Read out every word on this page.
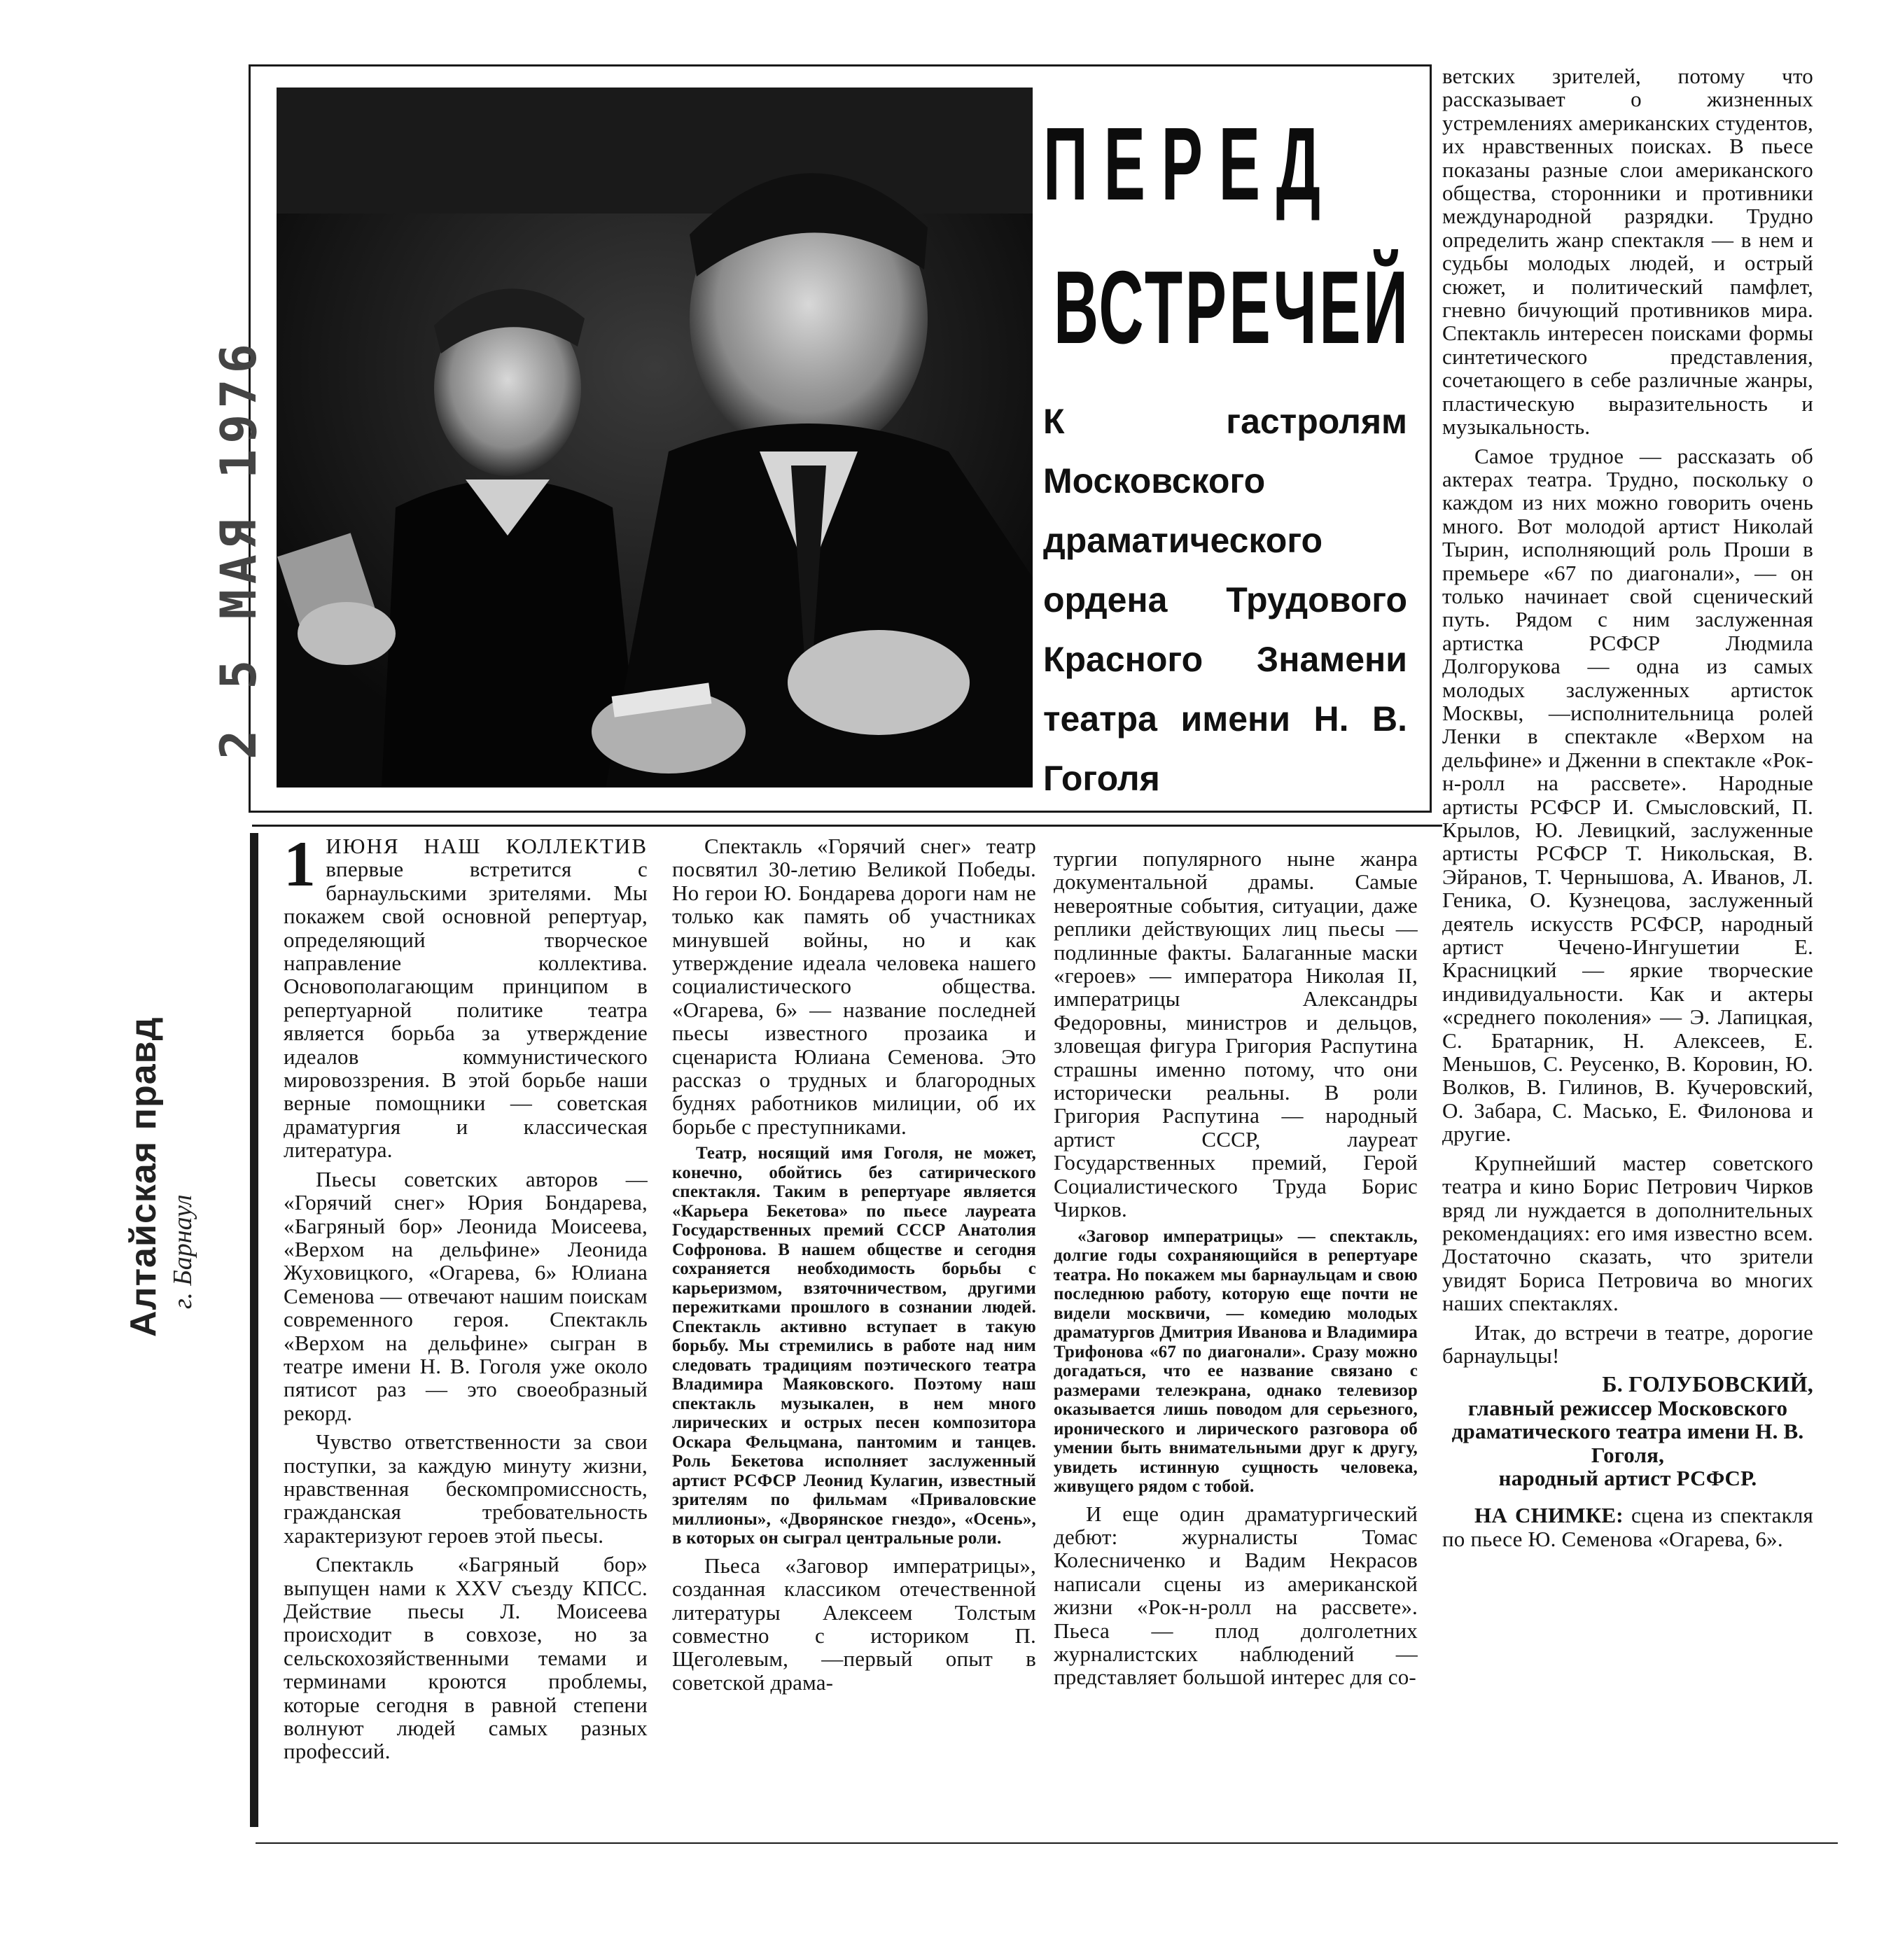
ПЕРЕД
ВСТРЕЧЕЙ
К гастролям Московского драматического ордена Трудового Красного Знамени театра имени Н. В. Гоголя
2 5 МАЯ 1976
Алтайская правд г. Барнаул

1 ИЮНЯ НАШ КОЛЛЕКТИВ впервые встретится с барнаульскими зрителями. Мы покажем свой основной репертуар, определяющий творческое направление коллектива. Основополагающим принципом в репертуарной политике театра является борьба за утверждение идеалов коммунистического мировоззрения. В этой борьбе наши верные помощники — советская драматургия и классическая литература.

Пьесы советских авторов — «Горячий снег» Юрия Бондарева, «Багряный бор» Леонида Моисеева, «Верхом на дельфине» Леонида Жуховицкого, «Огарева, 6» Юлиана Семенова — отвечают нашим поискам современного героя. Спектакль «Верхом на дельфине» сыгран в театре имени Н. В. Гоголя уже около пятисот раз — это своеобразный рекорд.

Чувство ответственности за свои поступки, за каждую минуту жизни, нравственная бескомпромиссность, гражданская требовательность характеризуют героев этой пьесы.

Спектакль «Багряный бор» выпущен нами к XXV съезду КПСС. Действие пьесы Л. Моисеева происходит в совхозе, но за сельскохозяйственными темами и терминами кроются проблемы, которые сегодня в равной степени волнуют людей самых разных профессий.

Спектакль «Горячий снег» театр посвятил 30-летию Великой Победы. Но герои Ю. Бондарева дороги нам не только как память об участниках минувшей войны, но и как утверждение идеала человека нашего социалистического общества. «Огарева, 6» — название последней пьесы известного прозаика и сценариста Юлиана Семенова. Это рассказ о трудных и благородных буднях работников милиции, об их борьбе с преступниками.

Театр, носящий имя Гоголя, не может, конечно, обойтись без сатирического спектакля. Таким в репертуаре является «Карьера Бекетова» по пьесе лауреата Государственных премий СССР Анатолия Софронова. В нашем обществе и сегодня сохраняется необходимость борьбы с карьеризмом, взяточничеством, другими пережитками прошлого в сознании людей. Спектакль активно вступает в такую борьбу. Мы стремились в работе над ним следовать традициям поэтического театра Владимира Маяковского. Поэтому наш спектакль музыкален, в нем много лирических и острых песен композитора Оскара Фельцмана, пантомим и танцев. Роль Бекетова исполняет заслуженный артист РСФСР Леонид Кулагин, известный зрителям по фильмам «Приваловские миллионы», «Дворянское гнездо», «Осень», в которых он сыграл центральные роли.

Пьеса «Заговор императрицы», созданная классиком отечественной литературы Алексеем Толстым совместно с историком П. Щеголевым, —первый опыт в советской драма-

тургии популярного ныне жанра документальной драмы. Самые невероятные события, ситуации, даже реплики действующих лиц пьесы — подлинные факты. Балаганные маски «героев» — императора Николая II, императрицы Александры Федоровны, министров и дельцов, зловещая фигура Григория Распутина страшны именно потому, что они исторически реальны. В роли Григория Распутина — народный артист СССР, лауреат Государственных премий, Герой Социалистического Труда Борис Чирков.

«Заговор императрицы» — спектакль, долгие годы сохраняющийся в репертуаре театра. Но покажем мы барнаульцам и свою последнюю работу, которую еще почти не видели москвичи, — комедию молодых драматургов Дмитрия Иванова и Владимира Трифонова «67 по диагонали». Сразу можно догадаться, что ее название связано с размерами телеэкрана, однако телевизор оказывается лишь поводом для серьезного, иронического и лирического разговора об умении быть внимательными друг к другу, увидеть истинную сущность человека, живущего рядом с тобой.

И еще один драматургический дебют: журналисты Томас Колесниченко и Вадим Некрасов написали сцены из американской жизни «Рок-н-ролл на рассвете». Пьеса — плод долголетних журналистских наблюдений — представляет большой интерес для со-

ветских зрителей, потому что рассказывает о жизненных устремлениях американских студентов, их нравственных поисках. В пьесе показаны разные слои американского общества, сторонники и противники международной разрядки. Трудно определить жанр спектакля — в нем и судьбы молодых людей, и острый сюжет, и политический памфлет, гневно бичующий противников мира. Спектакль интересен поисками формы синтетического представления, сочетающего в себе различные жанры, пластическую выразительность и музыкальность.

Самое трудное — рассказать об актерах театра. Трудно, поскольку о каждом из них можно говорить очень много. Вот молодой артист Николай Тырин, исполняющий роль Проши в премьере «67 по диагонали», — он только начинает свой сценический путь. Рядом с ним заслуженная артистка РСФСР Людмила Долгорукова — одна из самых молодых заслуженных артисток Москвы, —исполнительница ролей Ленки в спектакле «Верхом на дельфине» и Дженни в спектакле «Рок-н-ролл на рассвете». Народные артисты РСФСР И. Смысловский, П. Крылов, Ю. Левицкий, заслуженные артисты РСФСР Т. Никольская, В. Эйранов, Т. Чернышова, А. Иванов, Л. Геника, О. Кузнецова, заслуженный деятель искусств РСФСР, народный артист Чечено-Ингушетии Е. Красницкий — яркие творческие индивидуальности. Как и актеры «среднего поколения» — Э. Лапицкая, С. Братарник, Н. Алексеев, Е. Меньшов, С. Реусенко, В. Коровин, Ю. Волков, В. Гилинов, В. Кучеровский, О. Забара, С. Масько, Е. Филонова и другие.

Крупнейший мастер советского театра и кино Борис Петрович Чирков вряд ли нуждается в дополнительных рекомендациях: его имя известно всем. Достаточно сказать, что зрители увидят Бориса Петровича во многих наших спектаклях.

Итак, до встречи в театре, дорогие барнаульцы!

Б. ГОЛУБОВСКИЙ,

главный режиссер Московского драматического театра имени Н. В. Гоголя,

народный артист РСФСР.

НА СНИМКЕ: сцена из спектакля по пьесе Ю. Семенова «Огарева, 6».
